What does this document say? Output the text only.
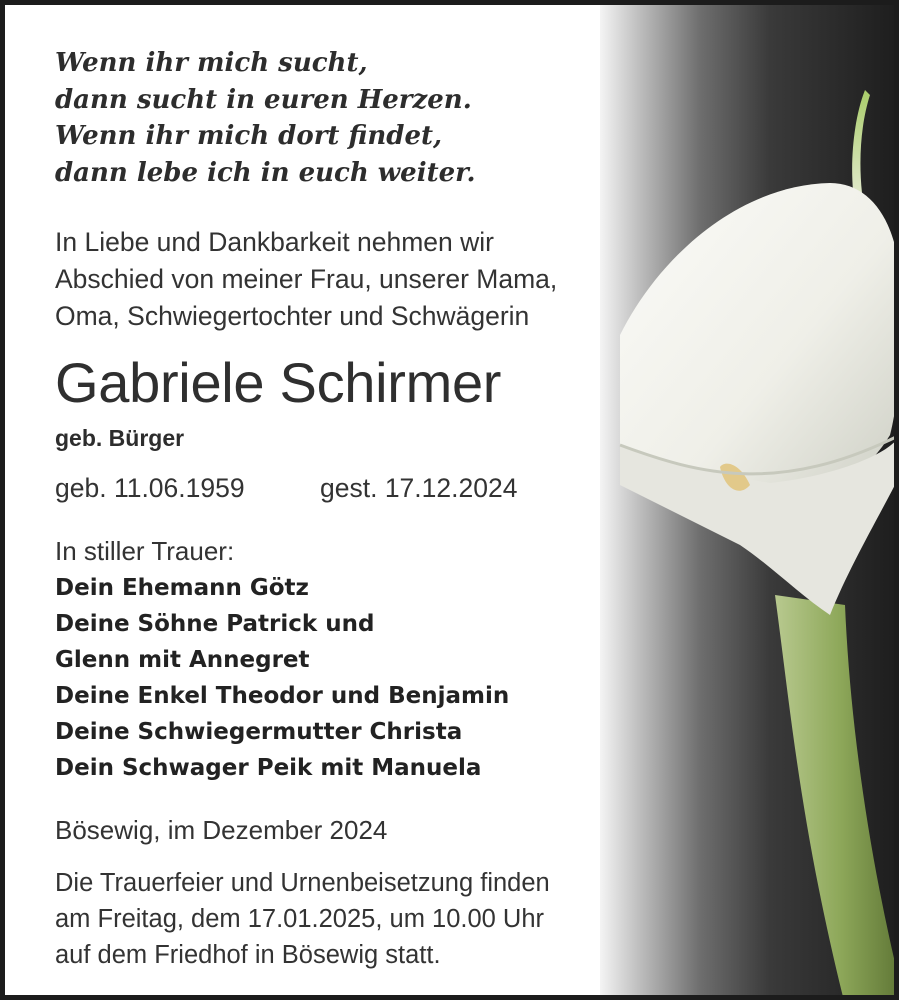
Wenn ihr mich sucht,
dann sucht in euren Herzen.
Wenn ihr mich dort findet,
dann lebe ich in euch weiter.

In Liebe und Dankbarkeit nehmen wir
Abschied von meiner Frau, unserer Mama,
Oma, Schwiegertochter und Schwägerin

Gabriele Schirmer

geb. Bürger

geb. 11.06.1959	gest. 17.12.2024

In stiller Trauer:

Dein Ehemann Götz
Deine Söhne Patrick und
Glenn mit Annegret
Deine Enkel Theodor und Benjamin
Deine Schwiegermutter Christa
Dein Schwager Peik mit Manuela

Bösewig, im Dezember 2024

Die Trauerfeier und Urnenbeisetzung finden
am Freitag, dem 17.01.2025, um 10.00 Uhr
auf dem Friedhof in Bösewig statt.
